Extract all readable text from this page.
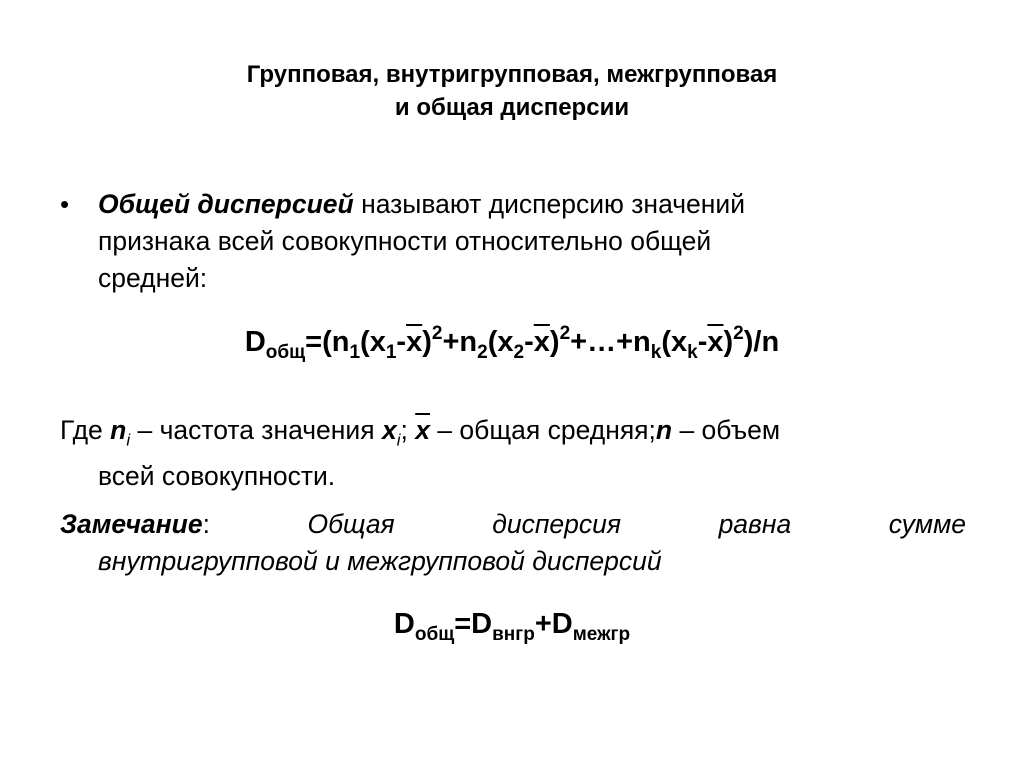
Групповая, внутригрупповая, межгрупповая
и общая дисперсии
• Общей дисперсией называют дисперсию значений
признака всей совокупности относительно общей
средней:
$D_{общ}=(n_1(x_1-\overline{x})^2+n_2(x_2-\overline{x})^2+\dots+n_k(x_k-\overline{x})^2)/n$
Где $n_i$ – частота значения $x_i$; $\overline{x}$ – общая средняя;n – объем
всей совокупности.
Замечание:	Общая	дисперсия	равна	сумме
внутригрупповой и межгрупповой дисперсий
$D_{общ}=D_{внгр}+D_{межгр}$
